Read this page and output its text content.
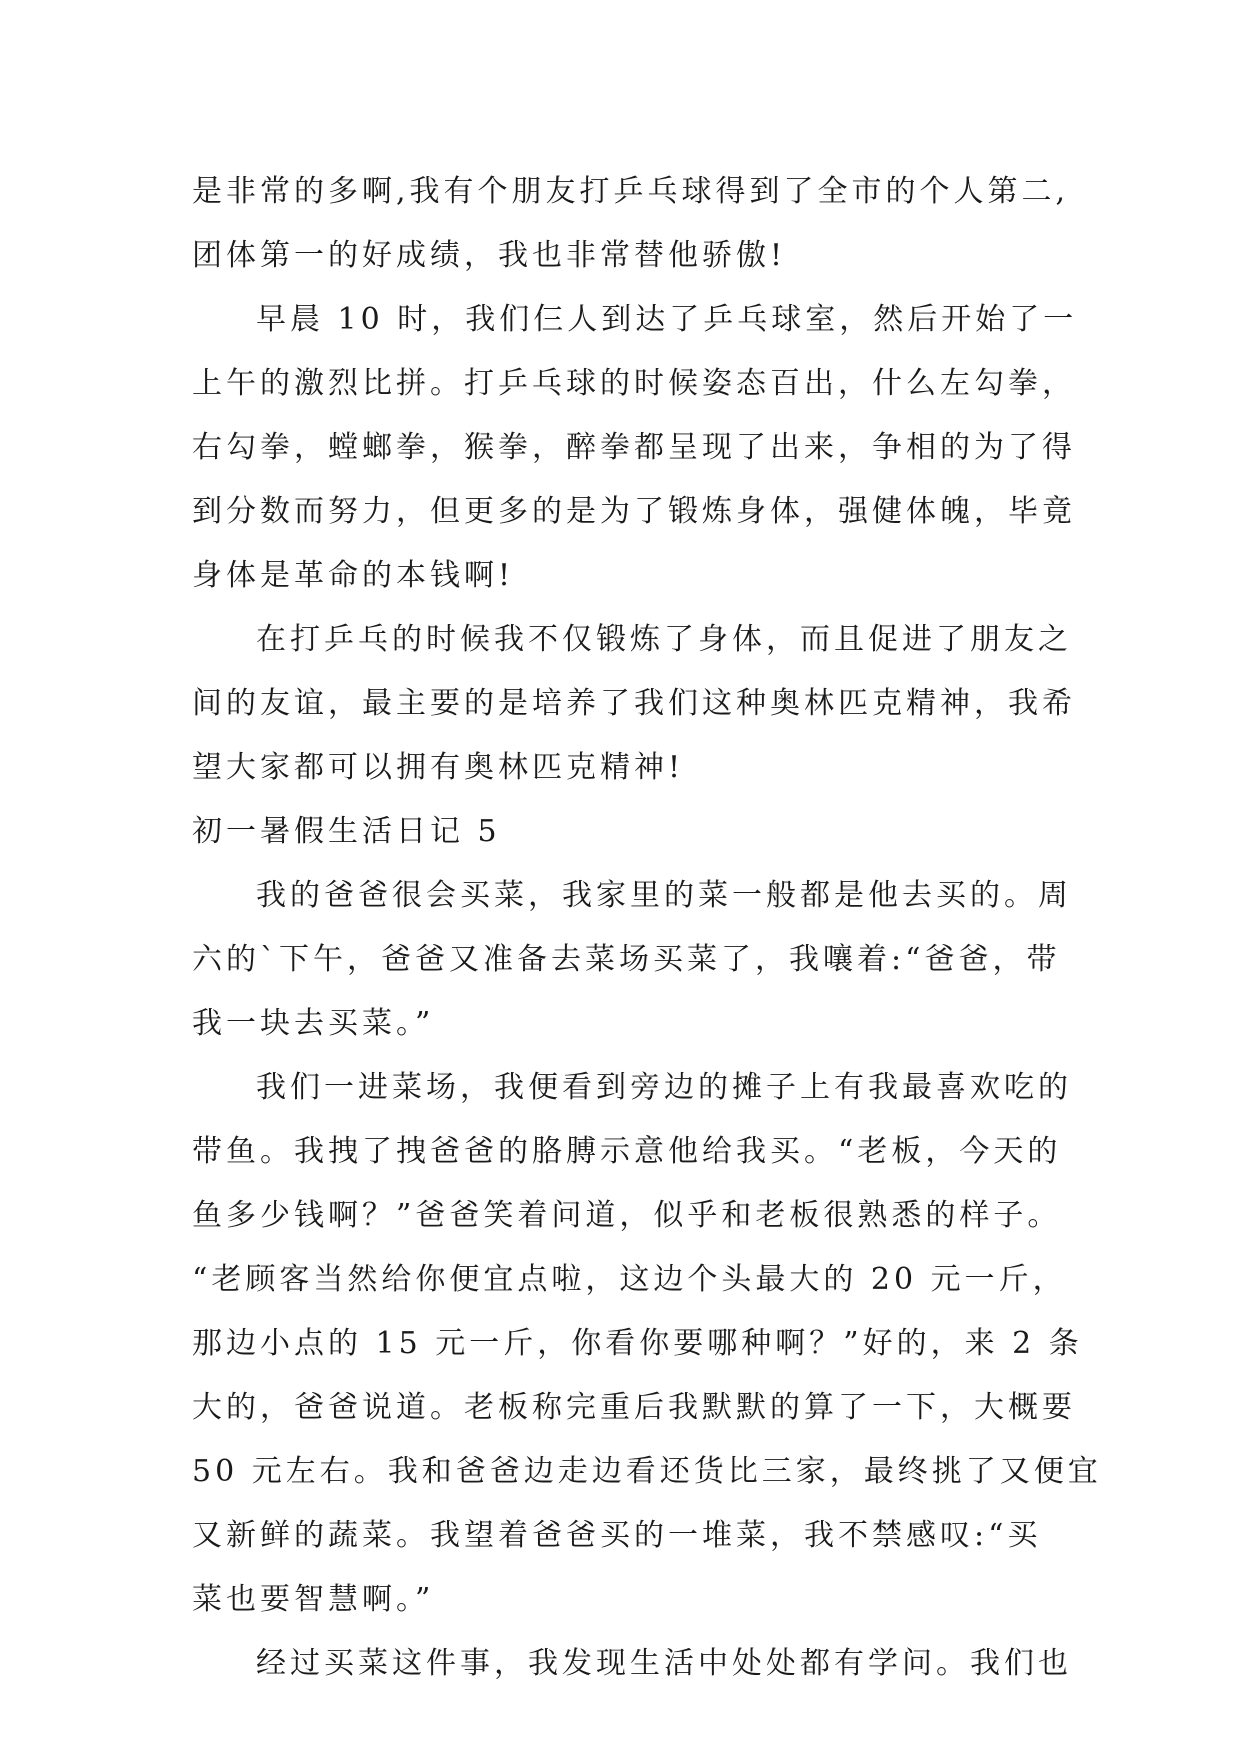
是非常的多啊,我有个朋友打乒乓球得到了全市的个人第二,
团体第一的好成绩，我也非常替他骄傲!
早晨 10 时，我们仨人到达了乒乓球室，然后开始了一
上午的激烈比拼。打乒乓球的时候姿态百出，什么左勾拳，
右勾拳，螳螂拳，猴拳，醉拳都呈现了出来，争相的为了得
到分数而努力，但更多的是为了锻炼身体，强健体魄，毕竟
身体是革命的本钱啊!
在打乒乓的时候我不仅锻炼了身体，而且促进了朋友之
间的友谊，最主要的是培养了我们这种奥林匹克精神，我希
望大家都可以拥有奥林匹克精神!
初一暑假生活日记 5
我的爸爸很会买菜，我家里的菜一般都是他去买的。周
六的`下午，爸爸又准备去菜场买菜了，我嚷着:“爸爸，带
我一块去买菜。”
我们一进菜场，我便看到旁边的摊子上有我最喜欢吃的
带鱼。我拽了拽爸爸的胳膊示意他给我买。“老板，今天的
鱼多少钱啊？”爸爸笑着问道，似乎和老板很熟悉的样子。
“老顾客当然给你便宜点啦，这边个头最大的 20 元一斤，
那边小点的 15 元一斤，你看你要哪种啊？”好的，来 2 条
大的，爸爸说道。老板称完重后我默默的算了一下，大概要
50 元左右。我和爸爸边走边看还货比三家，最终挑了又便宜
又新鲜的蔬菜。我望着爸爸买的一堆菜，我不禁感叹:“买
菜也要智慧啊。”
经过买菜这件事，我发现生活中处处都有学问。我们也
